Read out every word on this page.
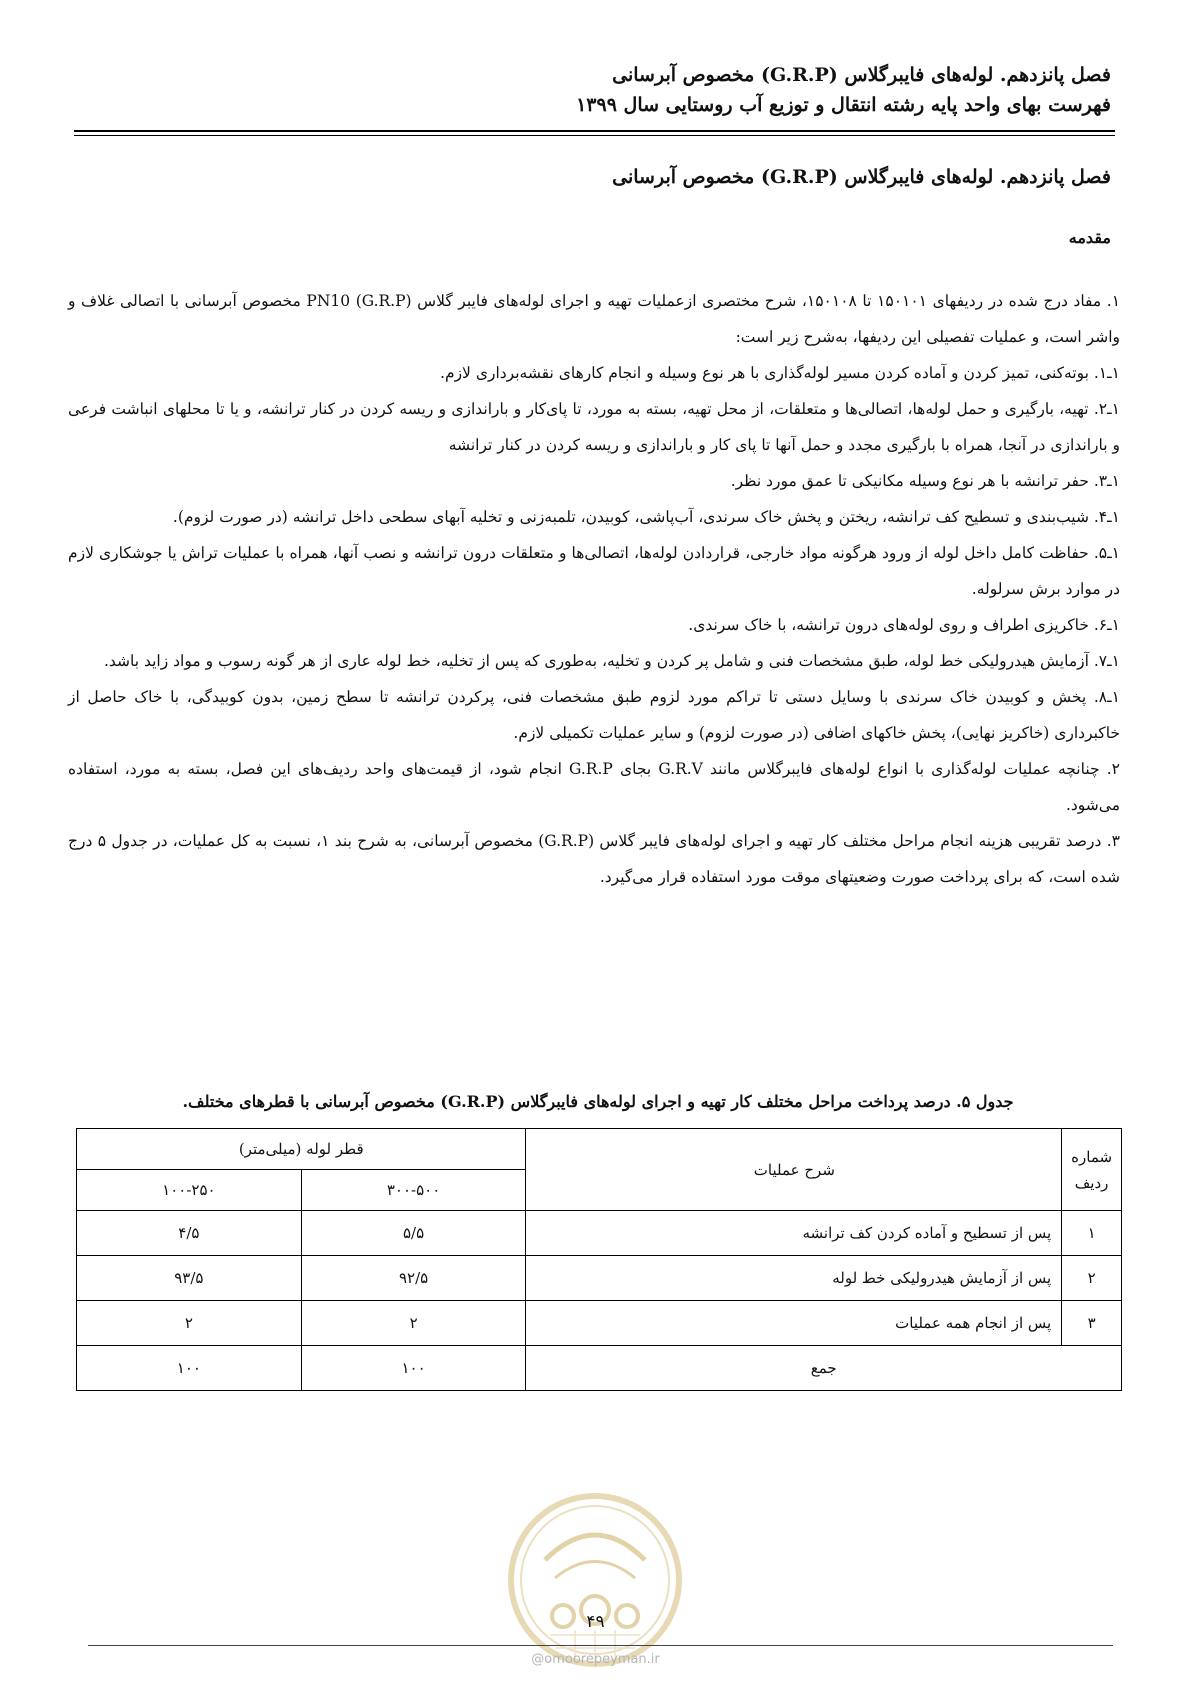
فصل پانزدهم. لوله‌های فایبرگلاس (G.R.P) مخصوص آبرسانی
فهرست بهای واحد پایه رشته انتقال و توزیع آب روستایی سال ۱۳۹۹
فصل پانزدهم. لوله‌های فایبرگلاس (G.R.P) مخصوص آبرسانی
مقدمه

۱. مفاد درج شده در ردیفهای ۱۵۰۱۰۱ تا ۱۵۰۱۰۸، شرح مختصری ازعملیات تهیه و اجرای لوله‌های فایبر گلاس (G.R.P) PN10 مخصوص آبرسانی با اتصالی غلاف و واشر است، و عملیات تفصیلی این ردیفها، به‌شرح زیر است:

۱ـ۱. بوته‌کنی، تمیز کردن و آماده کردن مسیر لوله‌گذاری با هر نوع وسیله و انجام کارهای نقشه‌برداری لازم.

۱ـ۲. تهیه، بارگیری و حمل لوله‌ها، اتصالی‌ها و متعلقات، از محل تهیه، بسته به مورد، تا پای‌کار و باراندازی و ریسه کردن در کنار ترانشه، و یا تا محلهای انباشت فرعی و باراندازی در آنجا، همراه با بارگیری مجدد و حمل آنها تا پای کار و باراندازی و ریسه کردن در کنار ترانشه

۱ـ۳. حفر ترانشه با هر نوع وسیله مکانیکی تا عمق مورد نظر.

۱ـ۴. شیب‌بندی و تسطیح کف ترانشه، ریختن و پخش خاک سرندی، آب‌پاشی، کوبیدن، تلمبه‌زنی و تخلیه آبهای سطحی داخل ترانشه (در صورت لزوم).

۱ـ۵. حفاظت کامل داخل لوله از ورود هرگونه مواد خارجی، قراردادن لوله‌ها، اتصالی‌ها و متعلقات درون ترانشه و نصب آنها، همراه با عملیات تراش یا جوشکاری لازم در موارد برش سرلوله.

۱ـ۶. خاکریزی اطراف و روی لوله‌های درون ترانشه، با خاک سرندی.

۱ـ۷. آزمایش هیدرولیکی خط لوله، طبق مشخصات فنی و شامل پر کردن و تخلیه، به‌طوری که پس از تخلیه، خط لوله عاری از هر گونه رسوب و مواد زاید باشد.

۱ـ۸. پخش و کوبیدن خاک سرندی با وسایل دستی تا تراکم مورد لزوم طبق مشخصات فنی، پرکردن ترانشه تا سطح زمین، بدون کوبیدگی، با خاک حاصل از خاکبرداری (خاکریز نهایی)، پخش خاکهای اضافی (در صورت لزوم) و سایر عملیات تکمیلی لازم.

۲. چنانچه عملیات لوله‌گذاری با انواع لوله‌های فایبرگلاس مانند G.R.V بجای G.R.P انجام شود، از قیمت‌های واحد ردیف‌های این فصل، بسته به مورد، استفاده می‌شود.

۳. درصد تقریبی هزینه انجام مراحل مختلف کار تهیه و اجرای لوله‌های فایبر گلاس (G.R.P) مخصوص آبرسانی، به شرح بند ۱، نسبت به کل عملیات، در جدول ۵ درج شده است، که برای پرداخت صورت وضعیتهای موقت مورد استفاده قرار می‌گیرد.

جدول ۵. درصد پرداخت مراحل مختلف کار تهیه و اجرای لوله‌های فایبرگلاس (G.R.P) مخصوص آبرسانی با قطرهای مختلف.
شماره
ردیف	شرح عملیات	قطر لوله (میلی‌متر)	
		۳۰۰-۵۰۰	۱۰۰-۲۵۰
۱	پس از تسطیح و آماده کردن کف ترانشه	۵/۵	۴/۵
۲	پس از آزمایش هیدرولیکی خط لوله	۹۲/۵	۹۳/۵
۳	پس از انجام همه عملیات	۲	۲
جمع		۱۰۰	۱۰۰
۴۹
@omoorepeyman.ir
